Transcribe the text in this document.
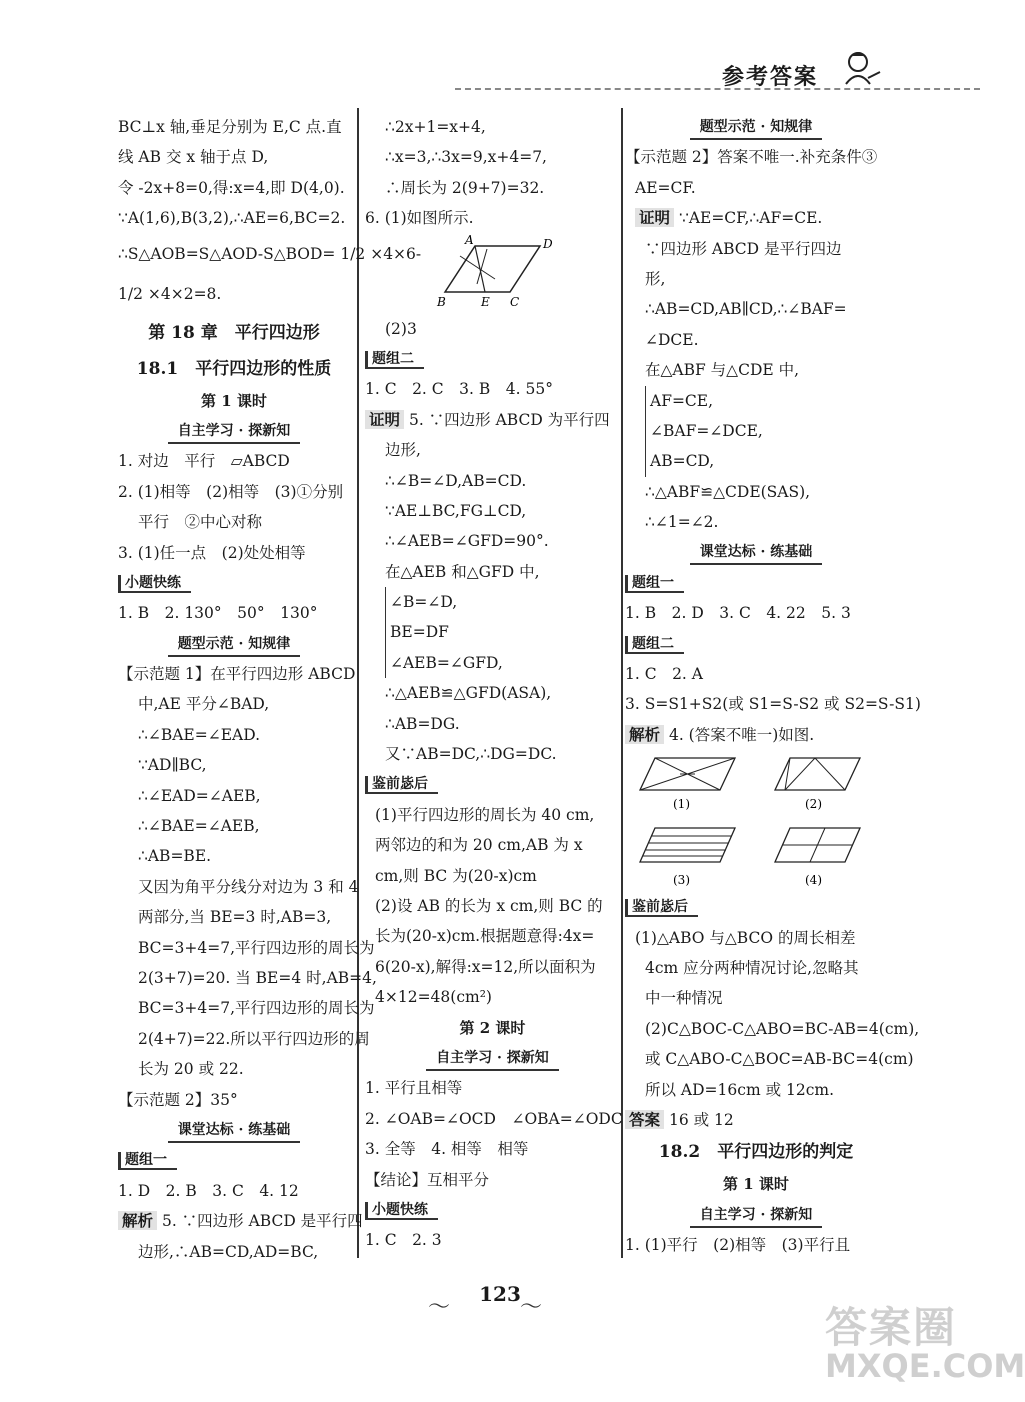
参考答案
BC⊥x 轴,垂足分别为 E,C 点.直
线 AB 交 x 轴于点 D,
令 -2x+8=0,得:x=4,即 D(4,0).
∵A(1,6),B(3,2),∴AE=6,BC=2.
∴S△AOB=S△AOD-S△BOD= 1/2 ×4×6-
1/2 ×4×2=8.
第 18 章　平行四边形
18.1　平行四边形的性质
第 1 课时
自主学习 · 探新知
1. 对边　平行　▱ABCD
2. (1)相等　(2)相等　(3)①分别
平行　②中心对称
3. (1)任一点　(2)处处相等
小题快练
1. B　2. 130°　50°　130°
题型示范 · 知规律
【示范题 1】在平行四边形 ABCD
中,AE 平分∠BAD,
∴∠BAE=∠EAD.
∵AD∥BC,
∴∠EAD=∠AEB,
∴∠BAE=∠AEB,
∴AB=BE.
又因为角平分线分对边为 3 和 4
两部分,当 BE=3 时,AB=3,
BC=3+4=7,平行四边形的周长为
2(3+7)=20. 当 BE=4 时,AB=4,
BC=3+4=7,平行四边形的周长为
2(4+7)=22.所以平行四边形的周
长为 20 或 22.
【示范题 2】35°
课堂达标 · 练基础
题组一
1. D　2. B　3. C　4. 12
解析 5. ∵四边形 ABCD 是平行四
边形,∴AB=CD,AD=BC,
∴2x+1=x+4,
∴x=3,∴3x=9,x+4=7,
∴周长为 2(9+7)=32.
6. (1)如图所示.
A	D
B	E C
(2)3
题组二
1. C　2. C　3. B　4. 55°
证明 5. ∵四边形 ABCD 为平行四
边形,
∴∠B=∠D,AB=CD.
∵AE⊥BC,FG⊥CD,
∴∠AEB=∠GFD=90°.
在△AEB 和△GFD 中,
∠B=∠D,
BE=DF
∠AEB=∠GFD,
∴△AEB≌△GFD(ASA),
∴AB=DG.
又∵AB=DC,∴DG=DC.
鉴前毖后
(1)平行四边形的周长为 40 cm,
两邻边的和为 20 cm,AB 为 x
cm,则 BC 为(20-x)cm
(2)设 AB 的长为 x cm,则 BC 的
长为(20-x)cm.根据题意得:4x=
6(20-x),解得:x=12,所以面积为
4×12=48(cm²)
第 2 课时
自主学习 · 探新知
1. 平行且相等
2. ∠OAB=∠OCD　∠OBA=∠ODC
3. 全等　4. 相等　相等
【结论】互相平分
小题快练
1. C　2. 3
题型示范 · 知规律
【示范题 2】答案不唯一.补充条件③
AE=CF.
证明 ∵AE=CF,∴AF=CE.
∵四边形 ABCD 是平行四边
形,
∴AB=CD,AB∥CD,∴∠BAF=
∠DCE.
在△ABF 与△CDE 中,
AF=CE,
∠BAF=∠DCE,
AB=CD,
∴△ABF≌△CDE(SAS),
∴∠1=∠2.
课堂达标 · 练基础
题组一
1. B　2. D　3. C　4. 22　5. 3
题组二
1. C　2. A
3. S=S1+S2(或 S1=S-S2 或 S2=S-S1)
解析 4. (答案不唯一)如图.
(1)	(2)
(3)	(4)
鉴前毖后
(1)△ABO 与△BCO 的周长相差
4cm 应分两种情况讨论,忽略其
中一种情况
(2)C△BOC-C△ABO=BC-AB=4(cm),
或 C△ABO-C△BOC=AB-BC=4(cm)
所以 AD=16cm 或 12cm.
答案 16 或 12
18.2　平行四边形的判定
第 1 课时
自主学习 · 探新知
1. (1)平行　(2)相等　(3)平行且
〜
123
〜	答案圈
MXQE.COM
